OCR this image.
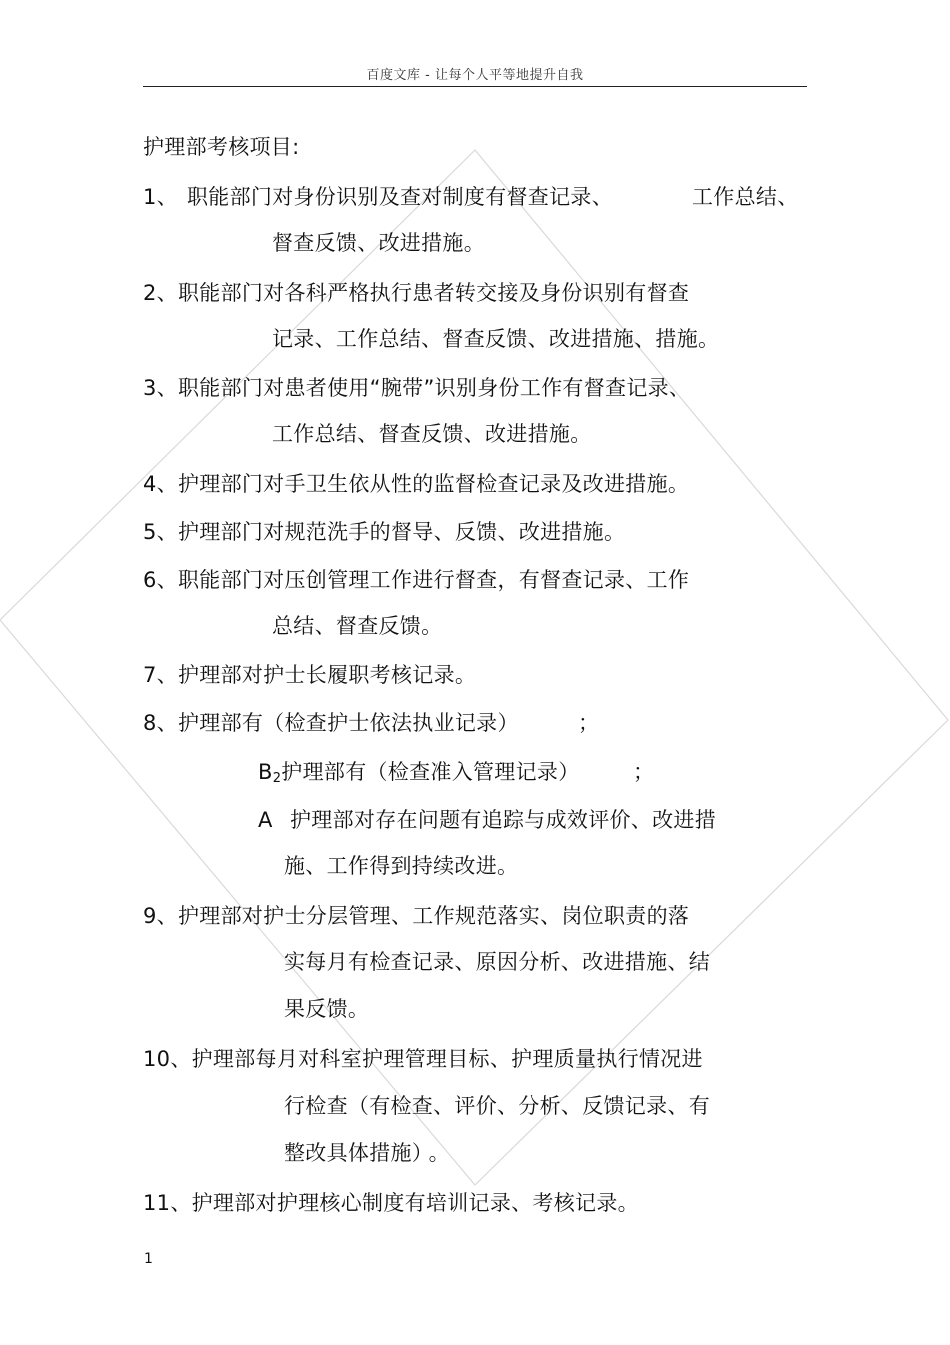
百度文库 - 让每个人平等地提升自我
护理部考核项目:
1、 职能部门对身份识别及查对制度有督查记录、	工作总结、
督查反馈、改进措施。
2、职能部门对各科严格执行患者转交接及身份识别有督查
记录、工作总结、督查反馈、改进措施、措施。
3、职能部门对患者使用“腕带”识别身份工作有督查记录、
工作总结、督查反馈、改进措施。
4、护理部门对手卫生依从性的监督检查记录及改进措施。
5、护理部门对规范洗手的督导、反馈、改进措施。
6、职能部门对压创管理工作进行督查，有督查记录、工作
总结、督查反馈。
7、护理部对护士长履职考核记录。
8、护理部有（检查护士依法执业记录）	；
$B_2$护理部有（检查准入管理记录）	；
A 护理部对存在问题有追踪与成效评价、改进措
施、工作得到持续改进。
9、护理部对护士分层管理、工作规范落实、岗位职责的落
实每月有检查记录、原因分析、改进措施、结
果反馈。
10、护理部每月对科室护理管理目标、护理质量执行情况进
行检查（有检查、评价、分析、反馈记录、有
整改具体措施） 。
11、护理部对护理核心制度有培训记录、考核记录。
1
